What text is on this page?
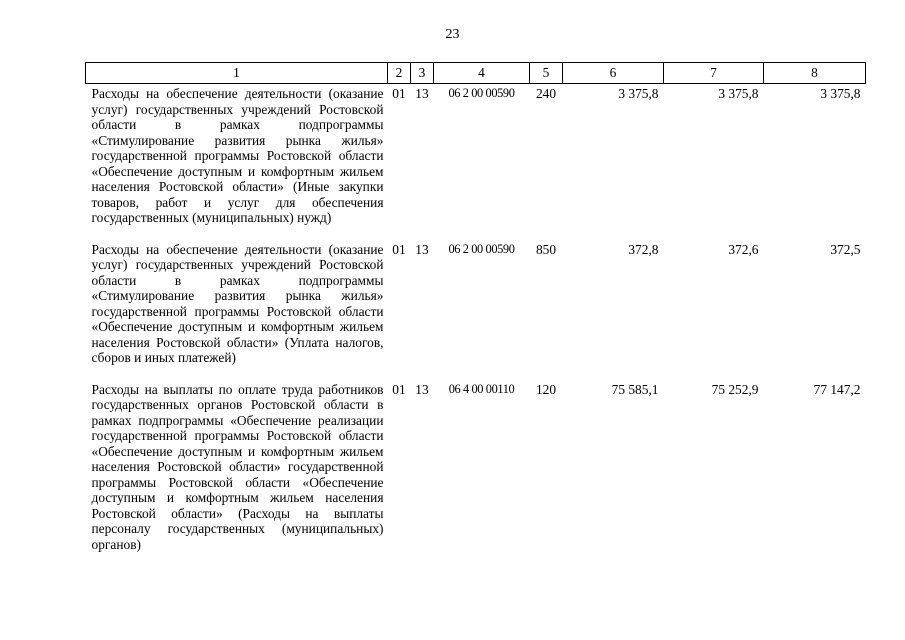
23
1	2	3	4	5	6	7	8
Расходы на обеспечение деятельности (оказание услуг) государственных учреждений Ростовской области в рамках подпрограммы «Стимулирование развития рынка жилья» государственной программы Ростовской области «Обеспечение доступным и комфортным жильем населения Ростовской области» (Иные закупки товаров, работ и услуг для обеспечения государственных (муниципальных) нужд)	01	13	06 2 00 00590	240	3 375,8	3 375,8	3 375,8
Расходы на обеспечение деятельности (оказание услуг) государственных учреждений Ростовской области в рамках подпрограммы «Стимулирование развития рынка жилья» государственной программы Ростовской области «Обеспечение доступным и комфортным жильем населения Ростовской области» (Уплата налогов, сборов и иных платежей)	01	13	06 2 00 00590	850	372,8	372,6	372,5
Расходы на выплаты по оплате труда работников государственных органов Ростовской области в рамках подпрограммы «Обеспечение реализации государственной программы Ростовской области «Обеспечение доступным и комфортным жильем населения Ростовской области» государственной программы Ростовской области «Обеспечение доступным и комфортным жильем населения Ростовской области» (Расходы на выплаты персоналу государственных (муниципальных) органов)	01	13	06 4 00 00110	120	75 585,1	75 252,9	77 147,2
